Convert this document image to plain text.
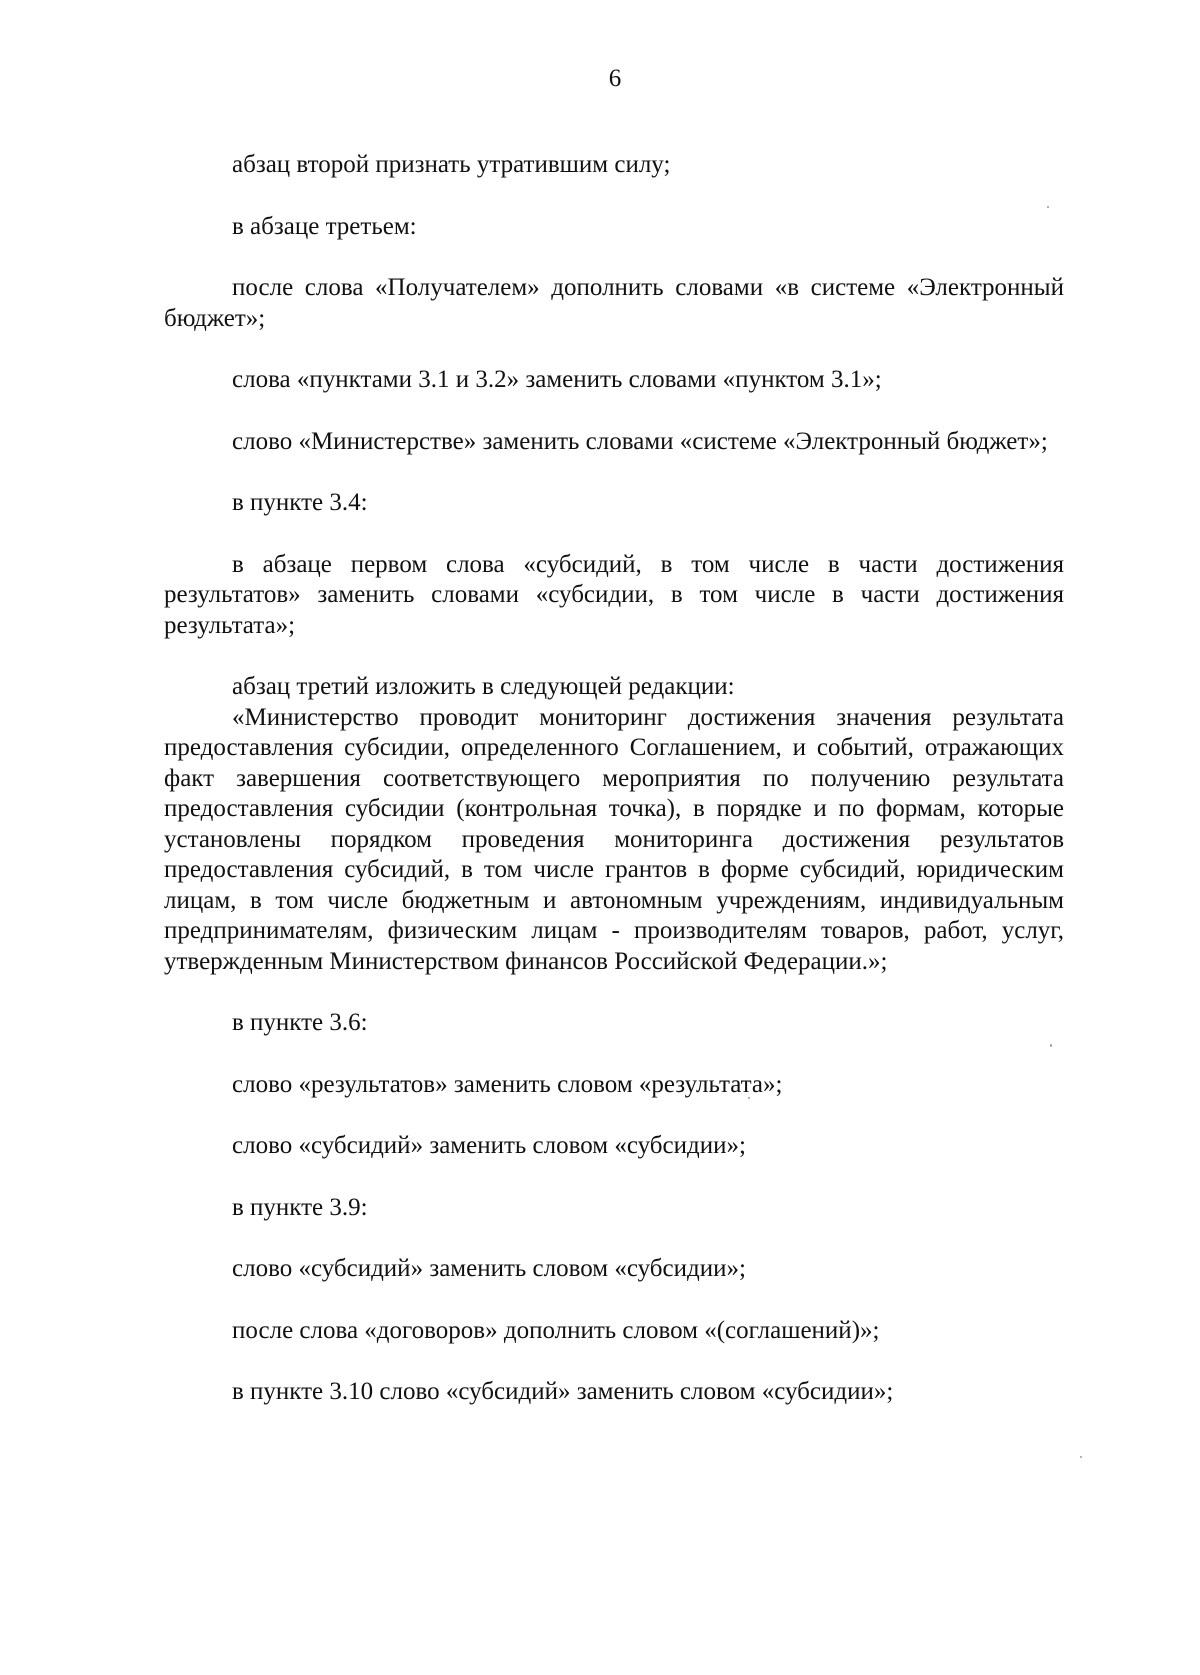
6

абзац второй признать утратившим силу;

в абзаце третьем:

после слова «Получателем» дополнить словами «в системе «Электронный бюджет»;

слова «пунктами 3.1 и 3.2» заменить словами «пунктом 3.1»;

слово «Министерстве» заменить словами «системе «Электронный бюджет»;

в пункте 3.4:

в абзаце первом слова «субсидий, в том числе в части достижения результатов» заменить словами «субсидии, в том числе в части достижения результата»;

абзац третий изложить в следующей редакции:

«Министерство проводит мониторинг достижения значения результата предоставления субсидии, определенного Соглашением, и событий, отражающих факт завершения соответствующего мероприятия по получению результата предоставления субсидии (контрольная точка), в порядке и по формам, которые установлены порядком проведения мониторинга достижения результатов предоставления субсидий, в том числе грантов в форме субсидий, юридическим лицам, в том числе бюджетным и автономным учреждениям, индивидуальным предпринимателям, физическим лицам - производителям товаров, работ, услуг, утвержденным Министерством финансов Российской Федерации.»;

в пункте 3.6:

слово «результатов» заменить словом «результата»;

слово «субсидий» заменить словом «субсидии»;

в пункте 3.9:

слово «субсидий» заменить словом «субсидии»;

после слова «договоров» дополнить словом «(соглашений)»;

в пункте 3.10 слово «субсидий» заменить словом «субсидии»;
